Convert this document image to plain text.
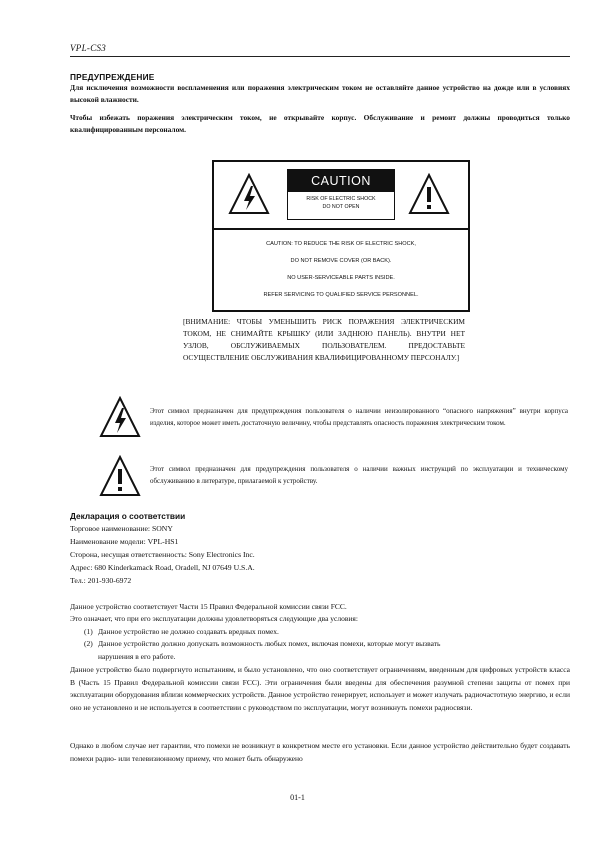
VPL-CS3
ПРЕДУПРЕЖДЕНИЕ
Для исключения возможности воспламенения или поражения электрическим током не оставляйте данное устройство на дожде или в условиях высокой влажности.
Чтобы избежать поражения электрическим током, не открывайте корпус. Обслуживание и ремонт должны проводиться только квалифицированным персоналом.
CAUTION
RISK OF ELECTRIC SHOCK
DO NOT OPEN
CAUTION: TO REDUCE THE RISK OF ELECTRIC SHOCK,
DO NOT REMOVE COVER (OR BACK).
NO USER-SERVICEABLE PARTS INSIDE.
REFER SERVICING TO QUALIFIED SERVICE PERSONNEL.
[ВНИМАНИЕ: ЧТОБЫ УМЕНЬШИТЬ РИСК ПОРАЖЕНИЯ ЭЛЕКТРИЧЕСКИМ ТОКОМ, НЕ СНИМАЙТЕ КРЫШКУ (ИЛИ ЗАДНЮЮ ПАНЕЛЬ). ВНУТРИ НЕТ УЗЛОВ, ОБСЛУЖИВАЕМЫХ ПОЛЬЗОВАТЕЛЕМ. ПРЕДОСТАВЬТЕ ОСУЩЕСТВЛЕНИЕ ОБСЛУЖИВАНИЯ КВАЛИФИЦИРОВАННОМУ ПЕРСОНАЛУ.]
Этот символ предназначен для предупреждения пользователя о наличии неизолированного “опасного напряжения” внутри корпуса изделия, которое может иметь достаточную величину, чтобы представлять опасность поражения электрическим током.
Этот символ предназначен для предупреждения пользователя о наличии важных инструкций по эксплуатации и техническому обслуживанию в литературе, прилагаемой к устройству.
Декларация о соответствии
Торговое наименование: SONY
Наименование модели: VPL-HS1
Сторона, несущая ответственность: Sony Electronics Inc.
Адрес: 680 Kinderkamack Road, Oradell, NJ 07649 U.S.A.
Тел.: 201-930-6972
Данное устройство соответствует Части 15 Правил Федеральной комиссии связи FCC.
Это означает, что при его эксплуатации должны удовлетворяться следующие два условия:
(1) Данное устройство не должно создавать вредных помех.
(2) Данное устройство должно допускать возможность любых помех, включая помехи, которые могут вызвать
нарушения в его работе.
Данное устройство было подвергнуто испытаниям, и было установлено, что оно соответствует ограничениям, введенным для цифровых устройств класса В (Часть 15 Правил Федеральной комиссии связи FCC). Эти ограничения были введены для обеспечения разумной степени защиты от помех при эксплуатации оборудования вблизи коммерческих устройств. Данное устройство генерирует, использует и может излучать радиочастотную энергию, и если оно не установлено и не используется в соответствии с руководством по эксплуатации, могут возникнуть помехи радиосвязи.
Однако в любом случае нет гарантии, что помехи не возникнут в конкретном месте его установки. Если данное устройство действительно будет создавать помехи радио- или телевизионному приему, что может быть обнаружено
01-1
